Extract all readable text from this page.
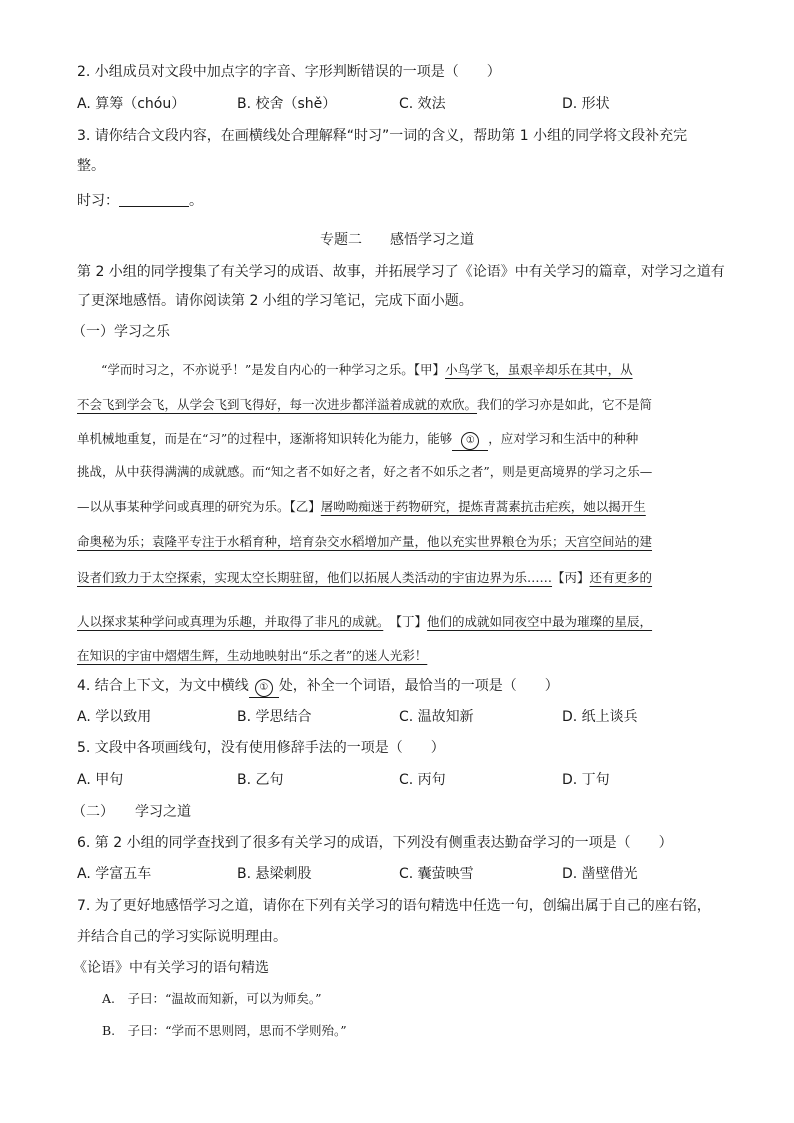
2. 小组成员对文段中加点字的字音、字形判断错误的一项是（　　）
A. 算筹（chóu）	B. 校舍（shě）	C. 效法	D. 形状
3. 请你结合文段内容，在画横线处合理解释“时习”一词的含义，帮助第 1 小组的同学将文段补充完
整。
时习：	。
专题二　　感悟学习之道
第 2 小组的同学搜集了有关学习的成语、故事，并拓展学习了《论语》中有关学习的篇章，对学习之道有
了更深地感悟。请你阅读第 2 小组的学习笔记，完成下面小题。
（一）学习之乐
“学而时习之，不亦说乎！”是发自内心的一种学习之乐。【甲】小鸟学飞，虽艰辛却乐在其中，从
不会飞到学会飞，从学会飞到飞得好，每一次进步都洋溢着成就的欢欣。我们的学习亦是如此，它不是简
单机械地重复，而是在“习”的过程中，逐渐将知识转化为能力，能够 ① ，应对学习和生活中的种种
挑战，从中获得满满的成就感。而“知之者不如好之者，好之者不如乐之者”，则是更高境界的学习之乐—
—以从事某种学问或真理的研究为乐。【乙】屠呦呦痴迷于药物研究，提炼青蒿素抗击疟疾，她以揭开生
命奥秘为乐；袁隆平专注于水稻育种，培育杂交水稻增加产量，他以充实世界粮仓为乐；天宫空间站的建
设者们致力于太空探索，实现太空长期驻留，他们以拓展人类活动的宇宙边界为乐……【丙】还有更多的
人以探求某种学问或真理为乐趣，并取得了非凡的成就。　 【丁】他们的成就如同夜空中最为璀璨的星辰，
在知识的宇宙中熠熠生辉，生动地映射出“乐之者”的迷人光彩！
4. 结合上下文，为文中横线 ① 处，补全一个词语，最恰当的一项是（　　）
A. 学以致用	B. 学思结合	C. 温故知新	D. 纸上谈兵
5. 文段中各项画线句，没有使用修辞手法的一项是（　　）
A. 甲句	B. 乙句	C. 丙句	D. 丁句
（二）　　学习之道
6. 第 2 小组的同学查找到了很多有关学习的成语，下列没有侧重表达勤奋学习的一项是（　　）
A. 学富五车	B. 悬梁刺股	C. 囊萤映雪	D. 凿壁借光
7. 为了更好地感悟学习之道，请你在下列有关学习的语句精选中任选一句，创编出属于自己的座右铭，
并结合自己的学习实际说明理由。
《论语》中有关学习的语句精选
A.　子曰：“温故而知新，可以为师矣。”
B.　子曰：“学而不思则罔，思而不学则殆。”
